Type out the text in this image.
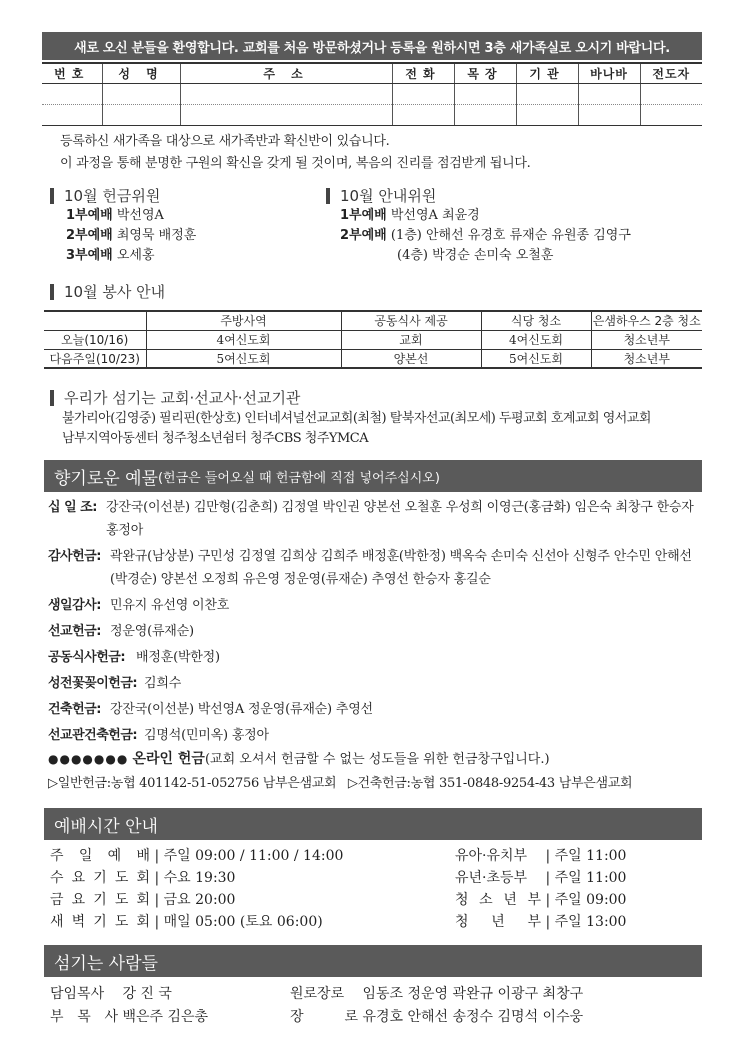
새로 오신 분들을 환영합니다. 교회를 처음 방문하셨거나 등록을 원하시면 3층 새가족실로 오시기 바랍니다.
번호	성 명	주 소	전화	목장	기관	바나바	전도자

등록하신 새가족을 대상으로 새가족반과 확신반이 있습니다.
이 과정을 통해 분명한 구원의 확신을 갖게 될 것이며, 복음의 진리를 점검받게 됩니다.
10월 헌금위원
1부예배 박선영A
2부예배 최영묵 배정훈
3부예배 오세홍
10월 안내위원
1부예배 박선영A 최윤경
2부예배 (1층) 안해선 유경호 류재순 유원종 김영구
(4층) 박경순 손미숙 오철훈
10월 봉사 안내
	주방사역	공동식사 제공	식당 청소	은샘하우스 2층 청소
오늘(10/16)	4여신도회	교회	4여신도회	청소년부
다음주일(10/23)	5여신도회	양본선	5여신도회	청소년부
우리가 섬기는 교회·선교사·선교기관
불가리아(김영중) 필리핀(한상호) 인터네셔널선교교회(최철) 탈북자선교(최모세) 두평교회 호계교회 영서교회
남부지역아동센터 청주청소년쉼터 청주CBS 청주YMCA
향기로운 예물 (헌금은 들어오실 때 헌금함에 직접 넣어주십시오)
십 일 조: 강잔국(이선분) 김만형(김춘희) 김정열 박인권 양본선 오철훈 우성희 이영근(홍금화) 임은숙 최창구 한승자 홍정아
감사헌금: 곽완규(남상분) 구민성 김정열 김희상 김희주 배정훈(박한정) 백옥숙 손미숙 신선아 신형주 안수민 안해선(박경순) 양본선 오정희 유은영 정운영(류재순) 추영선 한승자 홍길순
생일감사: 민유지 유선영 이찬호
선교헌금: 정운영(류재순)
공동식사헌금: 배정훈(박한정)
성전꽃꽂이헌금: 김희수
건축헌금: 강잔국(이선분) 박선영A 정운영(류재순) 추영선
선교관건축헌금: 김명석(민미옥) 홍정아
●●●●●●● 온라인 헌금(교회 오셔서 헌금할 수 없는 성도들을 위한 헌금창구입니다.)
▷일반헌금:농협 401142-51-052756 남부은샘교회 ▷건축헌금:농협 351-0848-9254-43 남부은샘교회
예배시간 안내
주 일 예 배 | 주일 09:00 / 11:00 / 14:00
수 요 기 도 회 | 수요 19:30
금 요 기 도 회 | 금요 20:00
새 벽 기 도 회 | 매일 05:00 (토요 06:00)
유아·유치부 | 주일 11:00
유년·초등부 | 주일 11:00
청 소 년 부 | 주일 09:00
청 년 부 | 주일 13:00
섬기는 사람들
담임목사 강 진 국
부 목 사 백은주 김은총
원로장로 임동조 정운영 곽완규 이광구 최창구
장 로 유경호 안해선 송정수 김명석 이수웅
